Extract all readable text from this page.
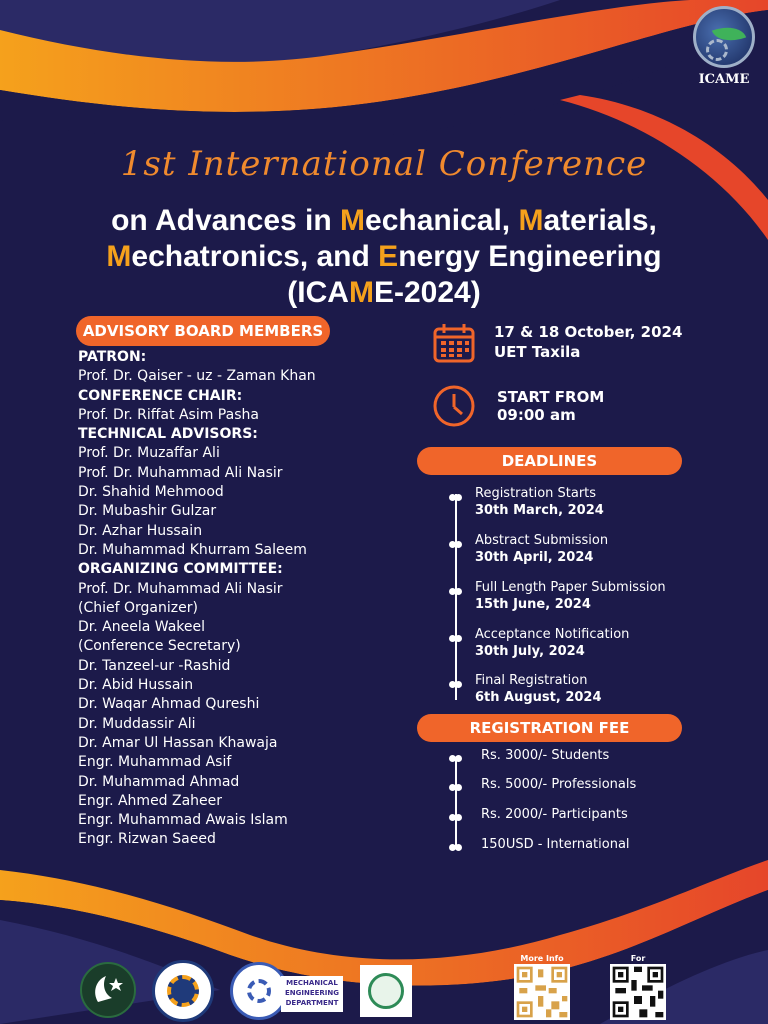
ICAME
1st International Conference
on Advances in Mechanical, Materials,
Mechatronics, and Energy Engineering
(ICAME-2024)
ADVISORY BOARD MEMBERS
PATRON:
Prof. Dr. Qaiser - uz - Zaman Khan
CONFERENCE CHAIR:
Prof. Dr. Riffat Asim Pasha
TECHNICAL ADVISORS:
Prof. Dr. Muzaffar Ali
Prof. Dr. Muhammad Ali Nasir
Dr. Shahid Mehmood
Dr. Mubashir Gulzar
Dr. Azhar Hussain
Dr. Muhammad Khurram Saleem
ORGANIZING COMMITTEE:
Prof. Dr. Muhammad Ali Nasir
(Chief Organizer)
Dr. Aneela Wakeel
(Conference Secretary)
Dr. Tanzeel-ur -Rashid
Dr. Abid Hussain
Dr. Waqar Ahmad Qureshi
Dr. Muddassir Ali
Dr. Amar Ul Hassan Khawaja
Engr. Muhammad Asif
Dr. Muhammad Ahmad
Engr. Ahmed Zaheer
Engr. Muhammad Awais Islam
Engr. Rizwan Saeed
17 & 18 October, 2024
UET Taxila
START FROM
09:00 am
DEADLINES
Registration Starts
30th March, 2024
Abstract Submission
30th April, 2024
Full Length Paper Submission
15th June, 2024
Acceptance Notification
30th July, 2024
Final Registration
6th August, 2024
REGISTRATION FEE
Rs. 3000/- Students
Rs. 5000/- Professionals
Rs. 2000/- Participants
150USD - International
MECHANICAL
ENGINEERING
DEPARTMENT
More Info	For
